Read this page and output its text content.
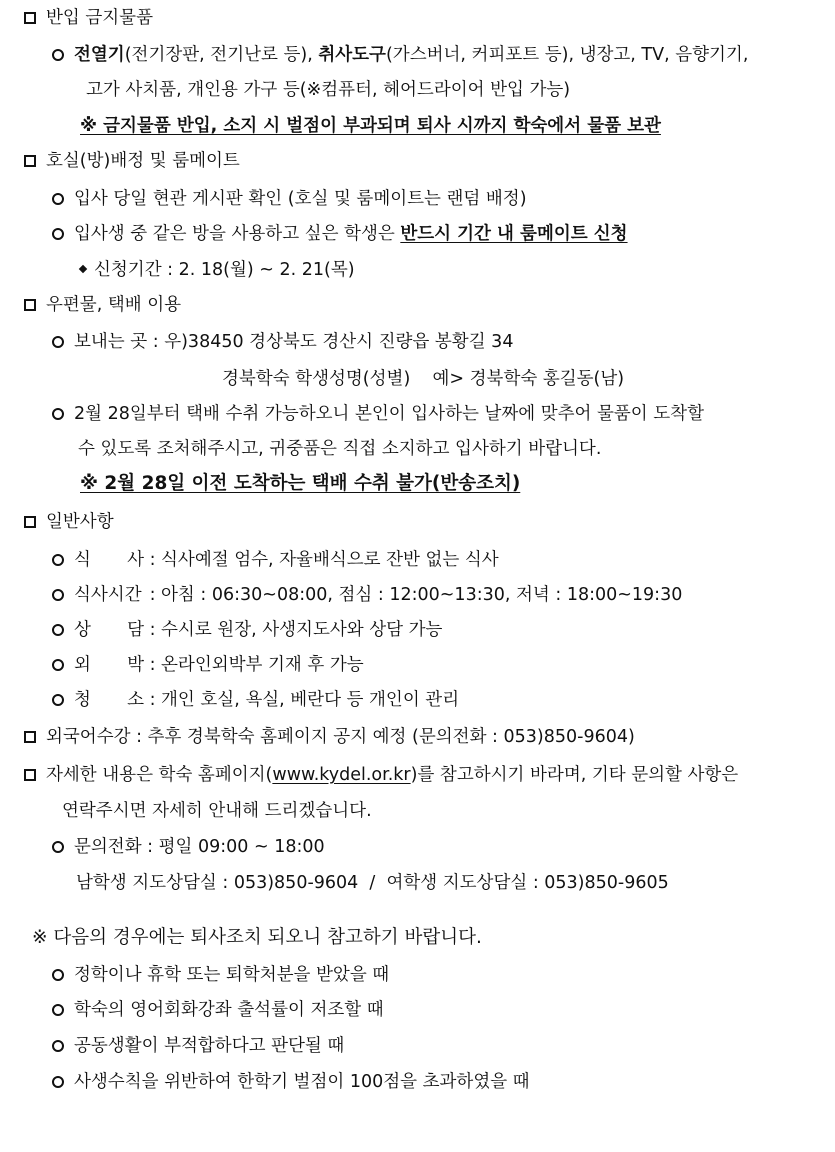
반입 금지물품
전열기(전기장판, 전기난로 등), 취사도구(가스버너, 커피포트 등), 냉장고, TV, 음향기기,
고가 사치품, 개인용 가구 등(※컴퓨터, 헤어드라이어 반입 가능)
※ 금지물품 반입, 소지 시 벌점이 부과되며 퇴사 시까지 학숙에서 물품 보관
호실(방)배정 및 룸메이트
입사 당일 현관 게시판 확인 (호실 및 룸메이트는 랜덤 배정)
입사생 중 같은 방을 사용하고 싶은 학생은 반드시 기간 내 룸메이트 신청
신청기간 : 2. 18(월) ~ 2. 21(목)
우편물, 택배 이용
보내는 곳 : 우)38450 경상북도 경산시 진량읍 봉황길 34
경북학숙 학생성명(성별)    예> 경북학숙 홍길동(남)
2월 28일부터 택배 수취 가능하오니 본인이 입사하는 날짜에 맞추어 물품이 도착할
수 있도록 조처해주시고, 귀중품은 직접 소지하고 입사하기 바랍니다.
※ 2월 28일 이전 도착하는 택배 수취 불가(반송조치)
일반사항
식 사 : 식사예절 엄수, 자율배식으로 잔반 없는 식사
식사시간 : 아침 : 06:30~08:00, 점심 : 12:00~13:30, 저녁 : 18:00~19:30
상 담 : 수시로 원장, 사생지도사와 상담 가능
외 박 : 온라인외박부 기재 후 가능
청 소 : 개인 호실, 욕실, 베란다 등 개인이 관리
외국어수강 : 추후 경북학숙 홈페이지 공지 예정 (문의전화 : 053)850-9604)
자세한 내용은 학숙 홈페이지(www.kydel.or.kr)를 참고하시기 바라며, 기타 문의할 사항은
연락주시면 자세히 안내해 드리겠습니다.
문의전화 : 평일 09:00 ~ 18:00
남학생 지도상담실 : 053)850-9604  /  여학생 지도상담실 : 053)850-9605
※ 다음의 경우에는 퇴사조치 되오니 참고하기 바랍니다.
정학이나 휴학 또는 퇴학처분을 받았을 때
학숙의 영어회화강좌 출석률이 저조할 때
공동생활이 부적합하다고 판단될 때
사생수칙을 위반하여 한학기 벌점이 100점을 초과하였을 때
